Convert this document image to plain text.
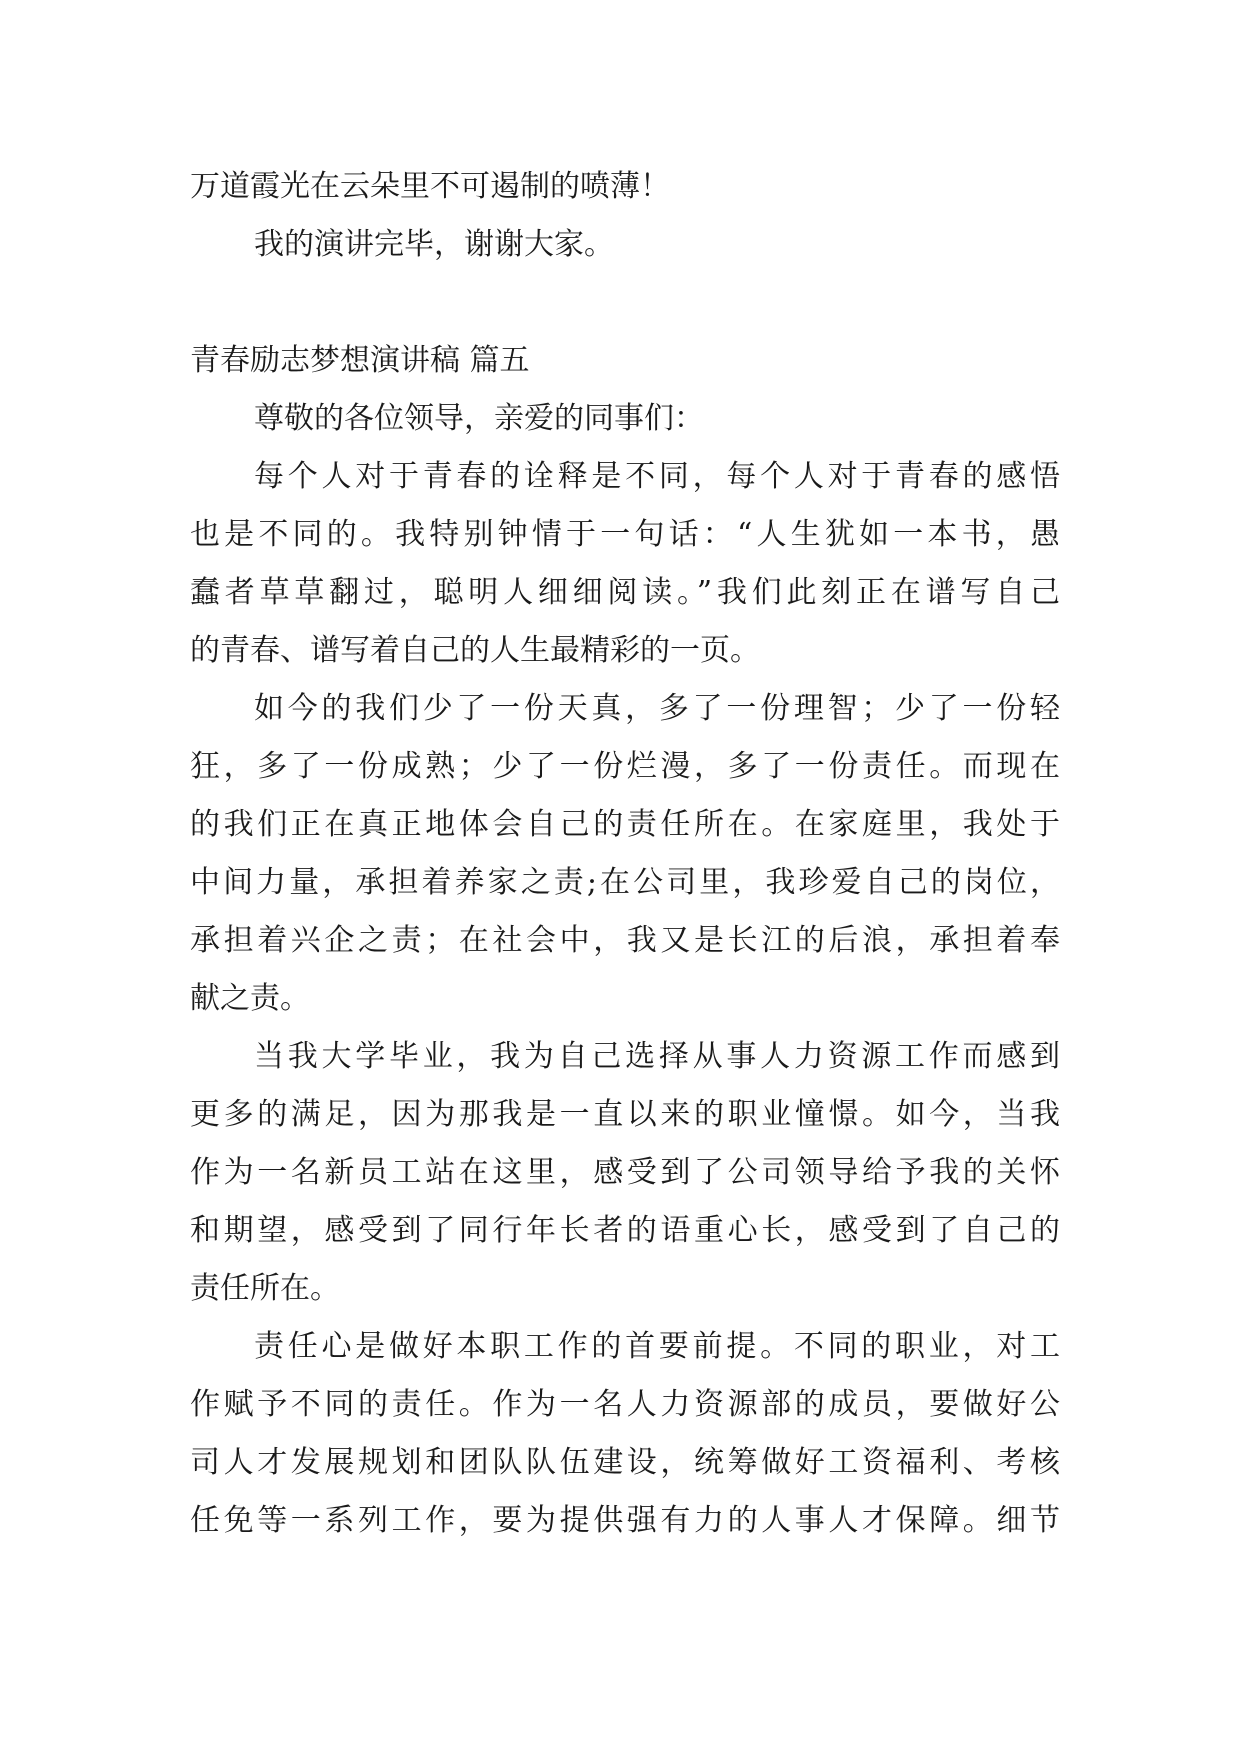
万道霞光在云朵里不可遏制的喷薄！
我的演讲完毕，谢谢大家。
青春励志梦想演讲稿 篇五
尊敬的各位领导，亲爱的同事们：
每个人对于青春的诠释是不同，每个人对于青春的感悟
也是不同的。我特别钟情于一句话：“人生犹如一本书，愚
蠢者草草翻过，聪明人细细阅读。”我们此刻正在谱写自己
的青春、谱写着自己的人生最精彩的一页。
如今的我们少了一份天真，多了一份理智；少了一份轻
狂，多了一份成熟；少了一份烂漫，多了一份责任。而现在
的我们正在真正地体会自己的责任所在。在家庭里，我处于
中间力量，承担着养家之责;在公司里，我珍爱自己的岗位，
承担着兴企之责；在社会中，我又是长江的后浪，承担着奉
献之责。
当我大学毕业，我为自己选择从事人力资源工作而感到
更多的满足，因为那我是一直以来的职业憧憬。如今，当我
作为一名新员工站在这里，感受到了公司领导给予我的关怀
和期望，感受到了同行年长者的语重心长，感受到了自己的
责任所在。
责任心是做好本职工作的首要前提。不同的职业，对工
作赋予不同的责任。作为一名人力资源部的成员，要做好公
司人才发展规划和团队队伍建设，统筹做好工资福利、考核
任免等一系列工作，要为提供强有力的人事人才保障。细节
